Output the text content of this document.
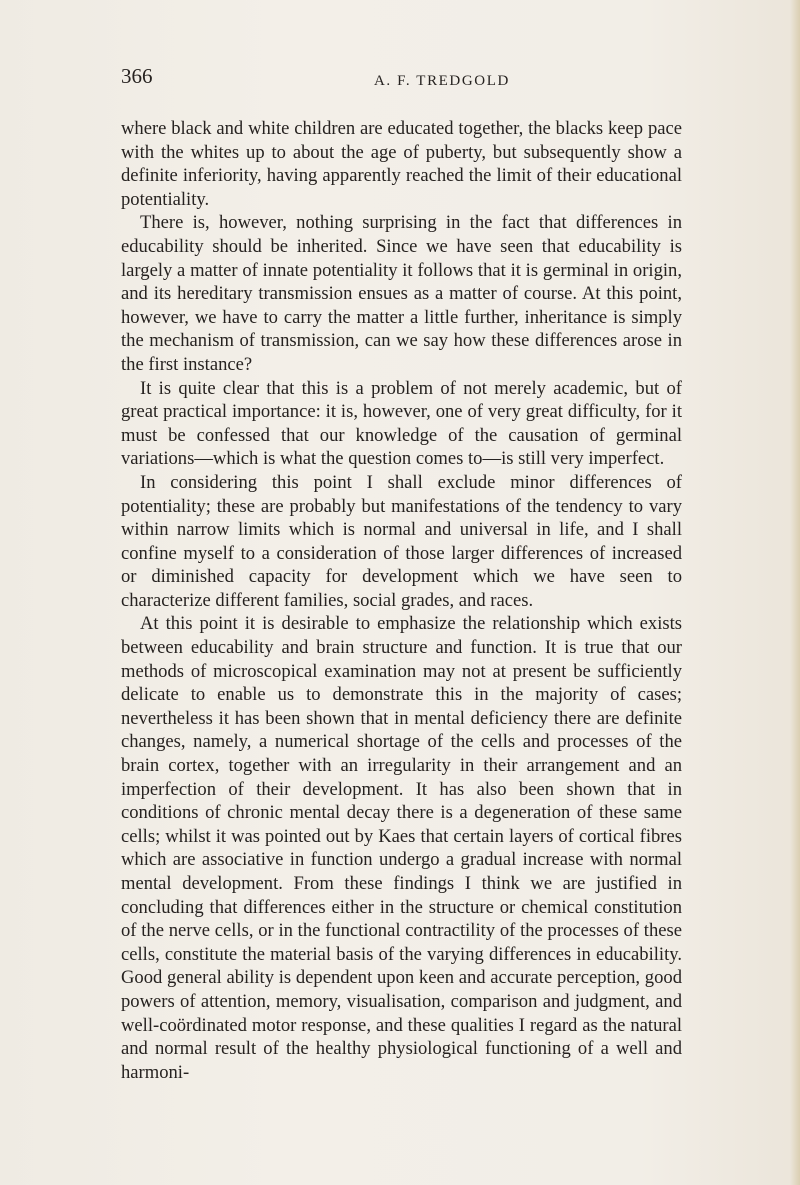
366	A. F. TREDGOLD

where black and white children are educated together, the blacks keep pace with the whites up to about the age of puberty, but subsequently show a definite inferiority, having apparently reached the limit of their educational potentiality.

There is, however, nothing surprising in the fact that differences in educability should be inherited. Since we have seen that educability is largely a matter of innate potentiality it follows that it is germinal in origin, and its hereditary transmission ensues as a matter of course. At this point, however, we have to carry the matter a little further, inheritance is simply the mechanism of transmission, can we say how these differences arose in the first instance?

It is quite clear that this is a problem of not merely academic, but of great practical importance: it is, however, one of very great difficulty, for it must be confessed that our knowledge of the causation of germinal variations—which is what the question comes to—is still very imperfect.

In considering this point I shall exclude minor differences of potentiality; these are probably but manifestations of the tendency to vary within narrow limits which is normal and universal in life, and I shall confine myself to a consideration of those larger differences of increased or diminished capacity for development which we have seen to characterize different families, social grades, and races.

At this point it is desirable to emphasize the relationship which exists between educability and brain structure and function. It is true that our methods of microscopical examination may not at present be sufficiently delicate to enable us to demonstrate this in the majority of cases; nevertheless it has been shown that in mental deficiency there are definite changes, namely, a numerical shortage of the cells and processes of the brain cortex, together with an irregularity in their arrangement and an imperfection of their development. It has also been shown that in conditions of chronic mental decay there is a degeneration of these same cells; whilst it was pointed out by Kaes that certain layers of cortical fibres which are associative in function undergo a gradual increase with normal mental development. From these findings I think we are justified in concluding that differences either in the structure or chemical constitution of the nerve cells, or in the functional contractility of the processes of these cells, constitute the material basis of the varying differences in educability. Good general ability is dependent upon keen and accurate perception, good powers of attention, memory, visualisation, comparison and judgment, and well-coördinated motor response, and these qualities I regard as the natural and normal result of the healthy physiological functioning of a well and harmoni-
